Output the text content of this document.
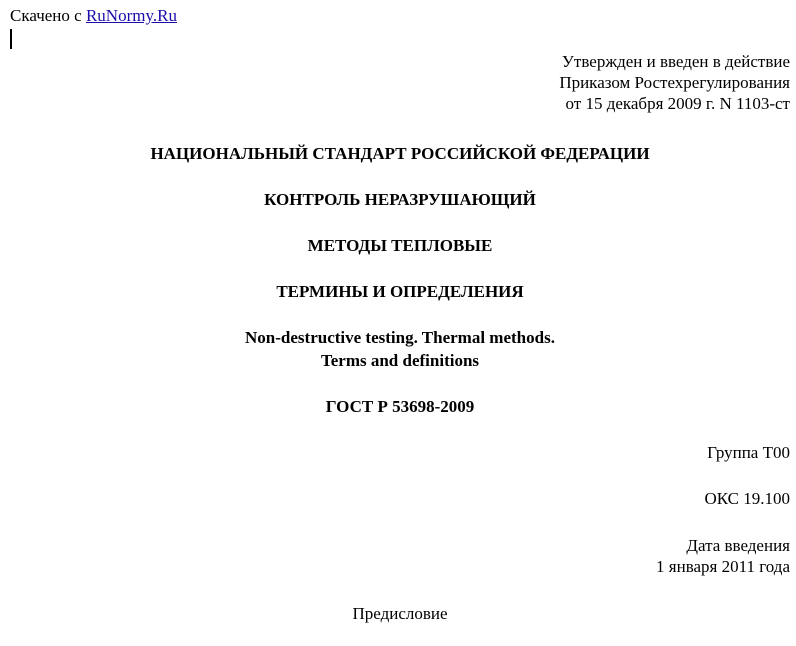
Скачено с RuNormy.Ru
Утвержден и введен в действие
Приказом Ростехрегулирования
от 15 декабря 2009 г. N 1103-ст
НАЦИОНАЛЬНЫЙ СТАНДАРТ РОССИЙСКОЙ ФЕДЕРАЦИИ
КОНТРОЛЬ НЕРАЗРУШАЮЩИЙ
МЕТОДЫ ТЕПЛОВЫЕ
ТЕРМИНЫ И ОПРЕДЕЛЕНИЯ
Non-destructive testing. Thermal methods.
Terms and definitions
ГОСТ Р 53698-2009
Группа Т00
ОКС 19.100
Дата введения
1 января 2011 года
Предисловие
